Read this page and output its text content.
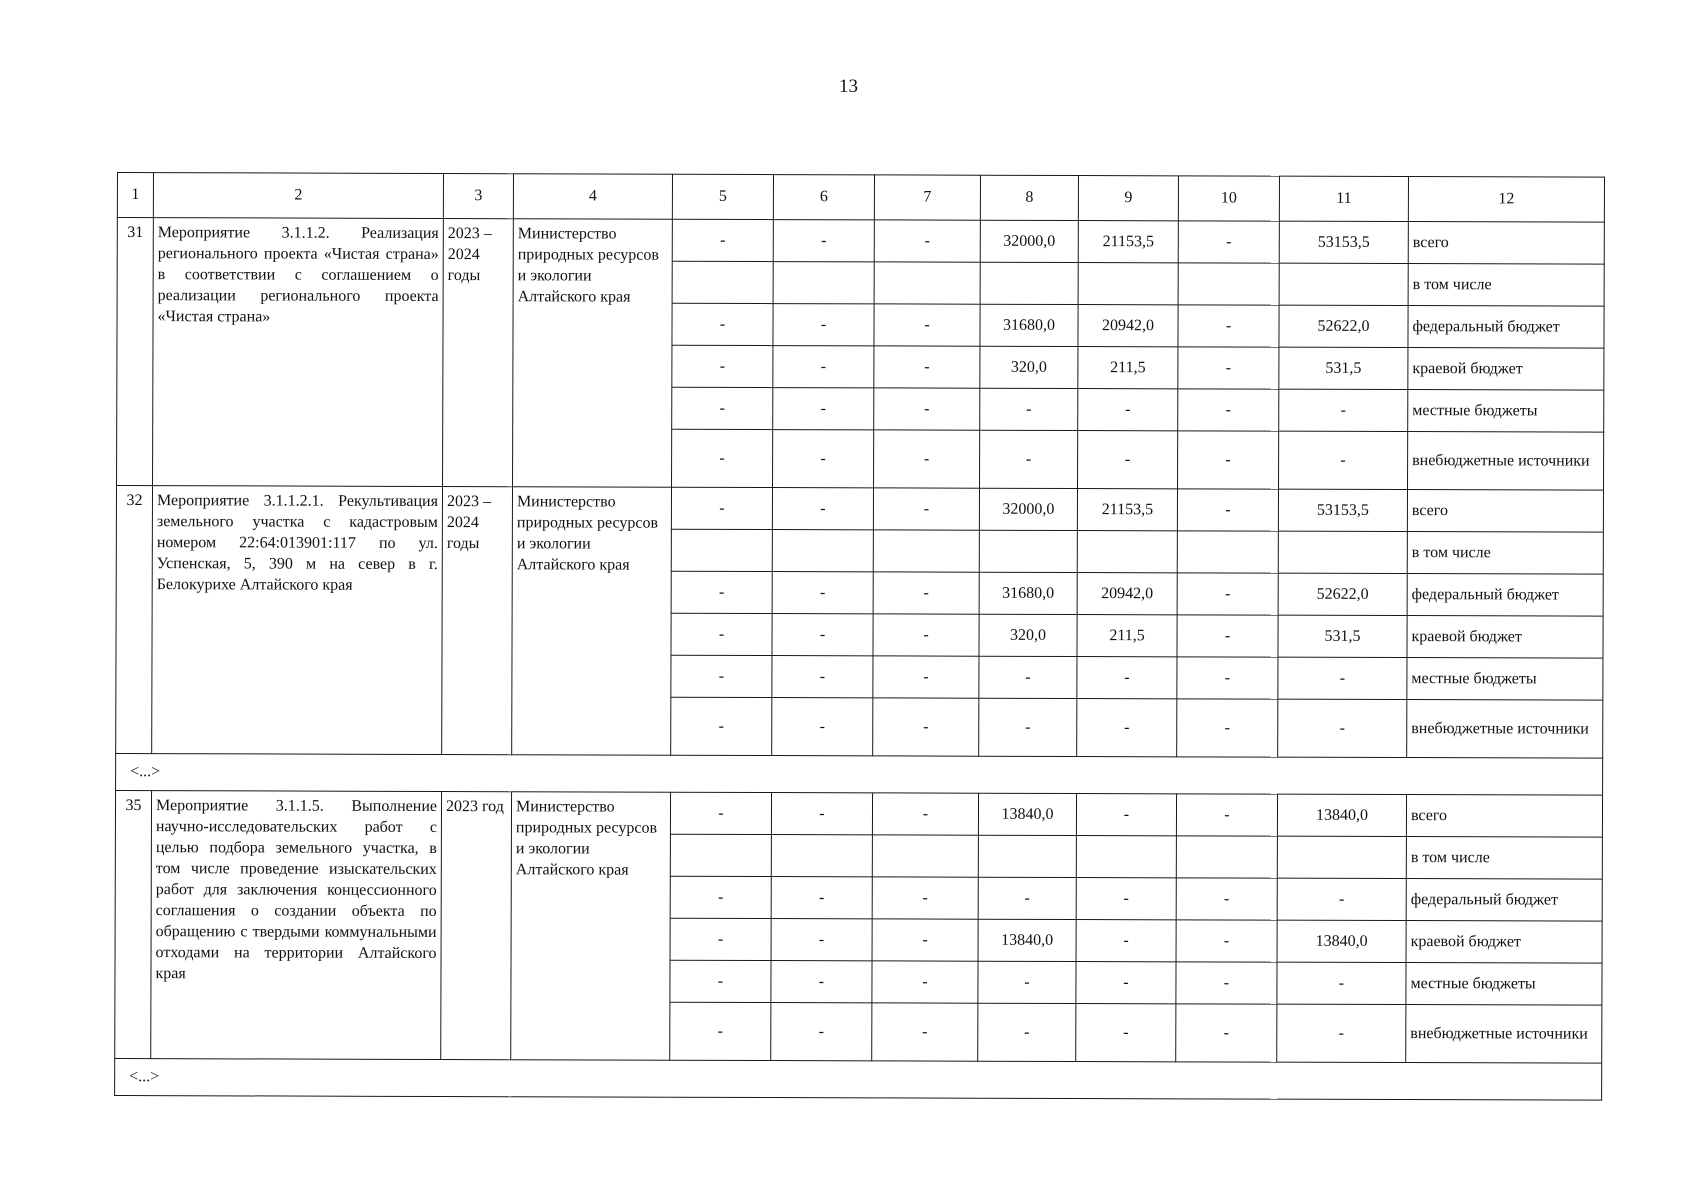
13
1	2	3	4	5	6	7	8	9	10	11	12
31	Мероприятие 3.1.1.2. Реализация регионального проекта «Чистая страна» в соответствии с соглашением о реализации регионального проекта «Чистая страна»	2023 – 2024 годы	Министерство природных ресурсов и экологии Алтайского края	-	-	-	32000,0	21153,5	-	53153,5	всего
											в том числе
				-	-	-	31680,0	20942,0	-	52622,0	федеральный бюджет
				-	-	-	320,0	211,5	-	531,5	краевой бюджет
				-	-	-	-	-	-	-	местные бюджеты
				-	-	-	-	-	-	-	внебюджетные источники
32	Мероприятие 3.1.1.2.1. Рекультивация земельного участка с кадастровым номером 22:64:013901:117 по ул. Успенская, 5, 390 м на север в г. Белокурихе Алтайского края	2023 – 2024 годы	Министерство природных ресурсов и экологии Алтайского края	-	-	-	32000,0	21153,5	-	53153,5	всего
											в том числе
				-	-	-	31680,0	20942,0	-	52622,0	федеральный бюджет
				-	-	-	320,0	211,5	-	531,5	краевой бюджет
				-	-	-	-	-	-	-	местные бюджеты
				-	-	-	-	-	-	-	внебюджетные источники
<...>											
35	Мероприятие 3.1.1.5. Выполнение научно-исследовательских работ с целью подбора земельного участка, в том числе проведение изыскательских работ для заключения концессионного соглашения о создании объекта по обращению с твердыми коммунальными отходами на территории Алтайского края	2023 год	Министерство природных ресурсов и экологии Алтайского края	-	-	-	13840,0	-	-	13840,0	всего
											в том числе
				-	-	-	-	-	-	-	федеральный бюджет
				-	-	-	13840,0	-	-	13840,0	краевой бюджет
				-	-	-	-	-	-	-	местные бюджеты
				-	-	-	-	-	-	-	внебюджетные источники
<...>											
